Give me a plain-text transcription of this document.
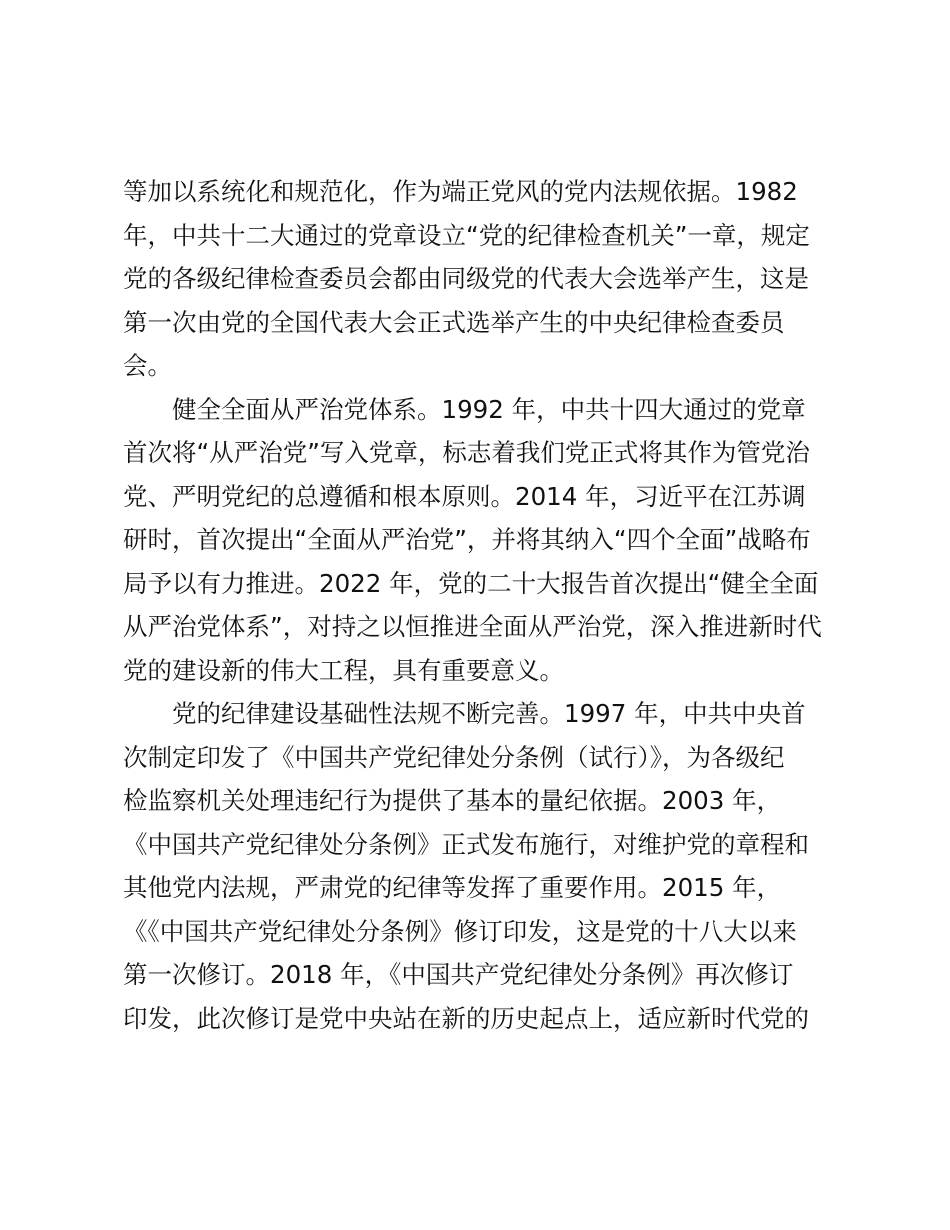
等加以系统化和规范化，作为端正党风的党内法规依据。1982
年，中共十二大通过的党章设立“党的纪律检查机关”一章，规定
党的各级纪律检查委员会都由同级党的代表大会选举产生，这是
第一次由党的全国代表大会正式选举产生的中央纪律检查委员
会。
健全全面从严治党体系。1992 年，中共十四大通过的党章
首次将“从严治党”写入党章，标志着我们党正式将其作为管党治
党、严明党纪的总遵循和根本原则。2014 年，习近平在江苏调
研时，首次提出“全面从严治党”，并将其纳入“四个全面”战略布
局予以有力推进。2022 年，党的二十大报告首次提出“健全全面
从严治党体系”，对持之以恒推进全面从严治党，深入推进新时代
党的建设新的伟大工程，具有重要意义。
党的纪律建设基础性法规不断完善。1997 年，中共中央首
次制定印发了《中国共产党纪律处分条例（试行）》，为各级纪
检监察机关处理违纪行为提供了基本的量纪依据。2003 年，
《中国共产党纪律处分条例》正式发布施行，对维护党的章程和
其他党内法规，严肃党的纪律等发挥了重要作用。2015 年，
《《中国共产党纪律处分条例》修订印发，这是党的十八大以来
第一次修订。2018 年，《中国共产党纪律处分条例》再次修订
印发，此次修订是党中央站在新的历史起点上，适应新时代党的
